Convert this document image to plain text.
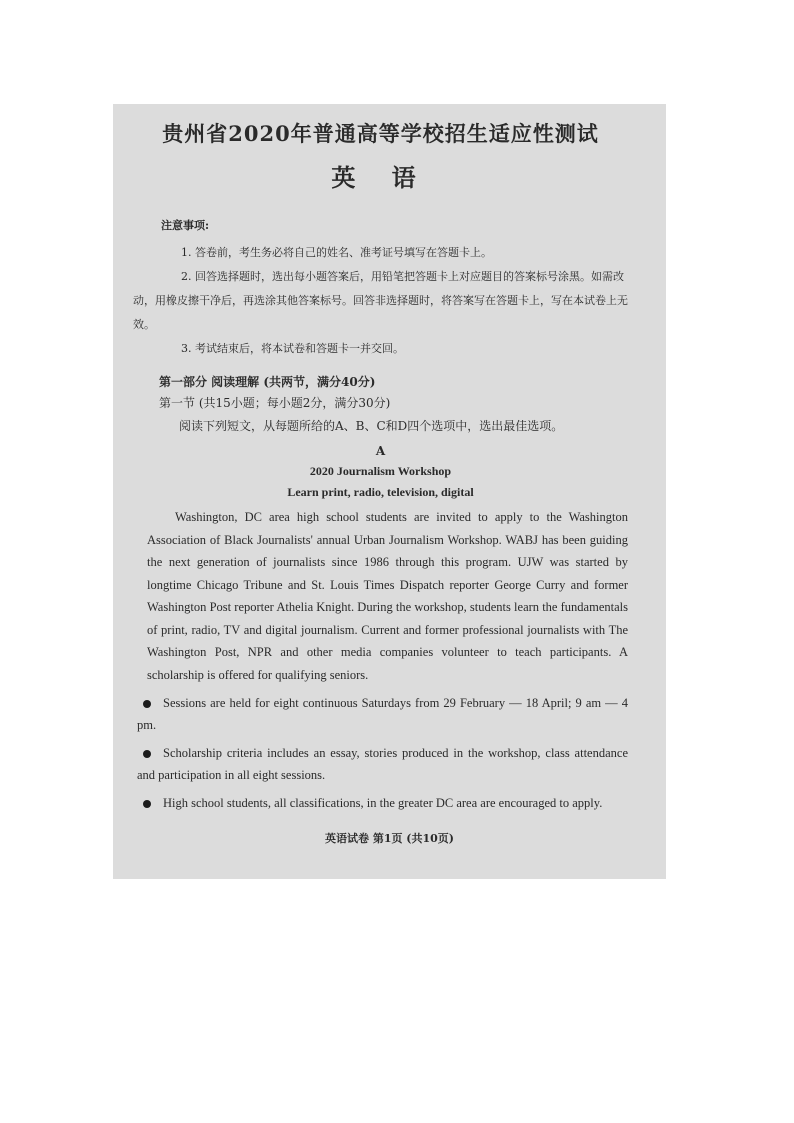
贵州省2020年普通高等学校招生适应性测试
英 语

注意事项:

1. 答卷前，考生务必将自己的姓名、准考证号填写在答题卡上。

2. 回答选择题时，选出每小题答案后，用铅笔把答题卡上对应题目的答案标号涂黑。如需改动，用橡皮擦干净后，再选涂其他答案标号。回答非选择题时，将答案写在答题卡上，写在本试卷上无效。

3. 考试结束后，将本试卷和答题卡一并交回。

第一部分 阅读理解 (共两节，满分40分)

第一节 (共15小题；每小题2分，满分30分)

阅读下列短文，从每题所给的A、B、C和D四个选项中，选出最佳选项。

A

2020 Journalism Workshop

Learn print, radio, television, digital

Washington, DC area high school students are invited to apply to the Washington Association of Black Journalists' annual Urban Journalism Workshop. WABJ has been guiding the next generation of journalists since 1986 through this program. UJW was started by longtime Chicago Tribune and St. Louis Times Dispatch reporter George Curry and former Washington Post reporter Athelia Knight. During the workshop, students learn the fundamentals of print, radio, TV and digital journalism. Current and former professional journalists with The Washington Post, NPR and other media companies volunteer to teach participants. A scholarship is offered for qualifying seniors.

Sessions are held for eight continuous Saturdays from 29 February — 18 April; 9 am — 4 pm.

Scholarship criteria includes an essay, stories produced in the workshop, class attendance and participation in all eight sessions.

High school students, all classifications, in the greater DC area are encouraged to apply.

英语试卷 第1页 (共10页)
